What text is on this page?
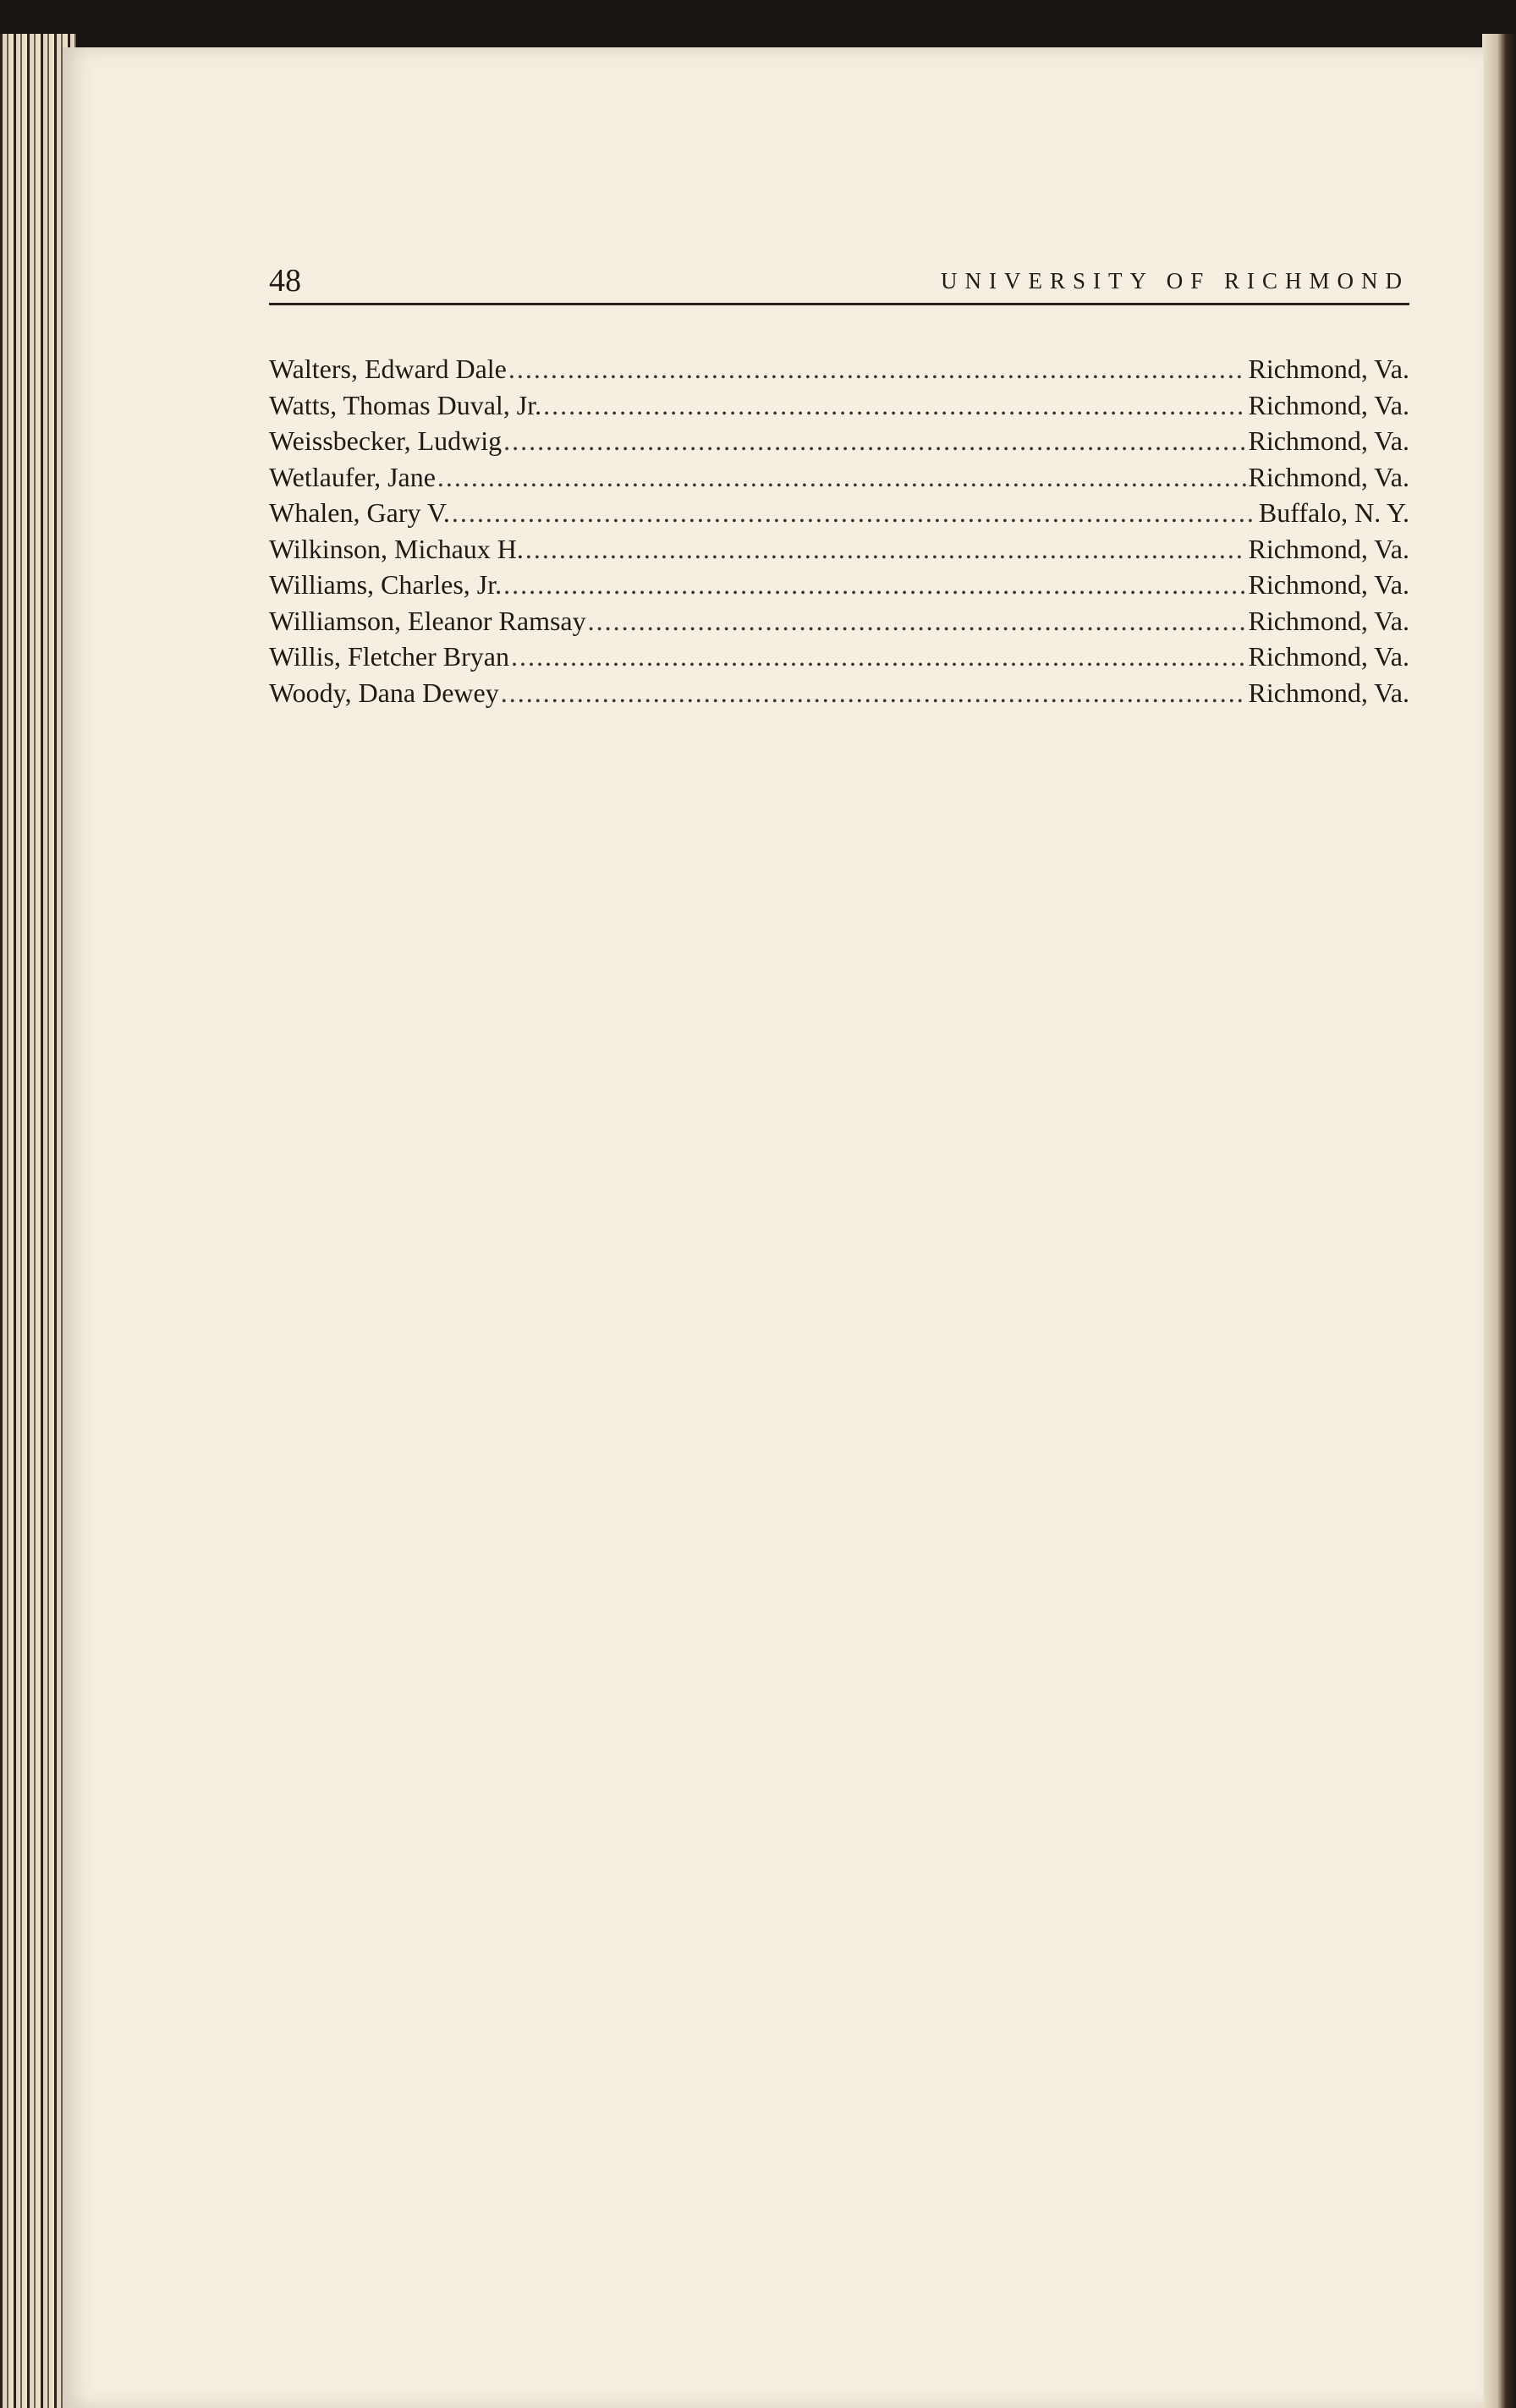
48	UNIVERSITY OF RICHMOND
Walters, Edward Dale .....	Richmond, Va.
Watts, Thomas Duval, Jr. .....	Richmond, Va.
Weissbecker, Ludwig .....	Richmond, Va.
Wetlaufer, Jane .....	Richmond, Va.
Whalen, Gary V. .....	Buffalo, N. Y.
Wilkinson, Michaux H. .....	Richmond, Va.
Williams, Charles, Jr. .....	Richmond, Va.
Williamson, Eleanor Ramsay .....	Richmond, Va.
Willis, Fletcher Bryan .....	Richmond, Va.
Woody, Dana Dewey .....	Richmond, Va.
